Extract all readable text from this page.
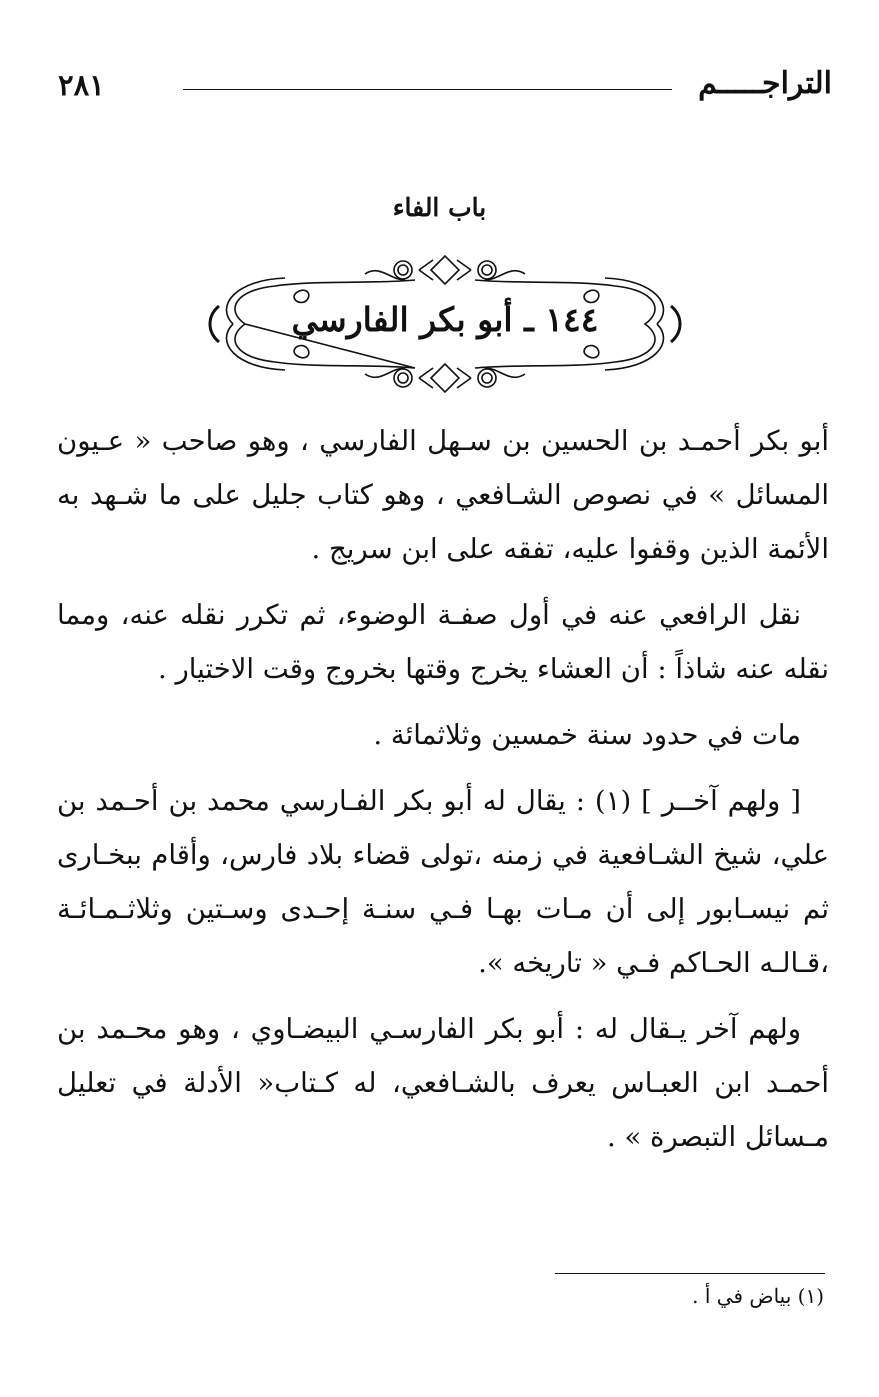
٢٨١	التراجـــــم
باب الفاء
١٤٤ ـ أبو بكر الفارسي

أبو بكر أحمـد بن الحسين بن سـهل الفارسي ، وهو صاحب « عـيون المسائل » في نصوص الشـافعي ، وهو كتاب جليل على ما شـهد به الأئمة الذين وقفوا عليه، تفقه على ابن سريج .

نقل الرافعي عنه في أول صفـة الوضوء، ثم تكرر نقله عنه، ومما نقله عنه شاذاً : أن العشاء يخرج وقتها بخروج وقت الاختيار .

مات في حدود سنة خمسين وثلاثمائة .

[ ولهم آخــر ] (١) : يقال له أبو بكر الفـارسي محمد بن أحـمد بن علي، شيخ الشـافعية في زمنه ،تولى قضاء بلاد فارس، وأقام ببخـارى ثم نيسـابور إلى أن مـات بهـا فـي سنـة إحـدى وسـتين وثلاثـمـائـة ،قـالـه الحـاكم فـي « تاريخه ».

ولهم آخر يـقال له : أبو بكر الفارسـي البيضـاوي ، وهو محـمد بن أحمـد ابن العبـاس يعرف بالشـافعي، له كـتاب« الأدلة في تعليل مـسائل التبصرة » .

(١) بياض في أ .
